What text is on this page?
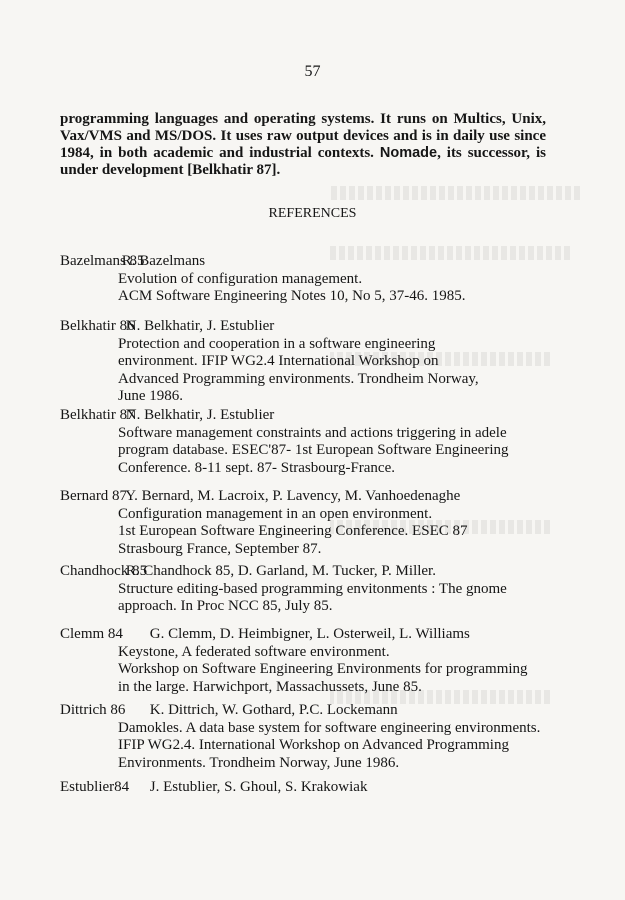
57

programming languages and operating systems. It runs on Multics, Unix, Vax/VMS and MS/DOS. It uses raw output devices and is in daily use since 1984, in both academic and industrial contexts. Nomade, its successor, is under development [Belkhatir 87].

REFERENCES
Bazelmans 85 R. Bazelmans
Evolution of configuration management.
ACM Software Engineering Notes 10, No 5, 37-46. 1985.
Belkhatir 86 N. Belkhatir, J. Estublier
Protection and cooperation in a software engineering
environment. IFIP WG2.4 International Workshop on
Advanced Programming environments. Trondheim Norway,
June 1986.
Belkhatir 87 N. Belkhatir, J. Estublier
Software management constraints and actions triggering in adele
program database. ESEC'87- 1st European Software Engineering
Conference. 8-11 sept. 87- Strasbourg-France.
Bernard 87 Y. Bernard, M. Lacroix, P. Lavency, M. Vanhoedenaghe
Configuration management in an open environment.
1st European Software Engineering Conference. ESEC 87
Strasbourg France, September 87.
Chandhock 85 R. Chandhock 85, D. Garland, M. Tucker, P. Miller.
Structure editing-based programming envitonments : The gnome
approach. In Proc NCC 85, July 85.
Clemm 84 G. Clemm, D. Heimbigner, L. Osterweil, L. Williams
Keystone, A federated software environment.
Workshop on Software Engineering Environments for programming
in the large. Harwichport, Massachussets, June 85.
Dittrich 86 K. Dittrich, W. Gothard, P.C. Lockemann
Damokles. A data base system for software engineering environments.
IFIP WG2.4. International Workshop on Advanced Programming
Environments. Trondheim Norway, June 1986.
Estublier84 J. Estublier, S. Ghoul, S. Krakowiak
